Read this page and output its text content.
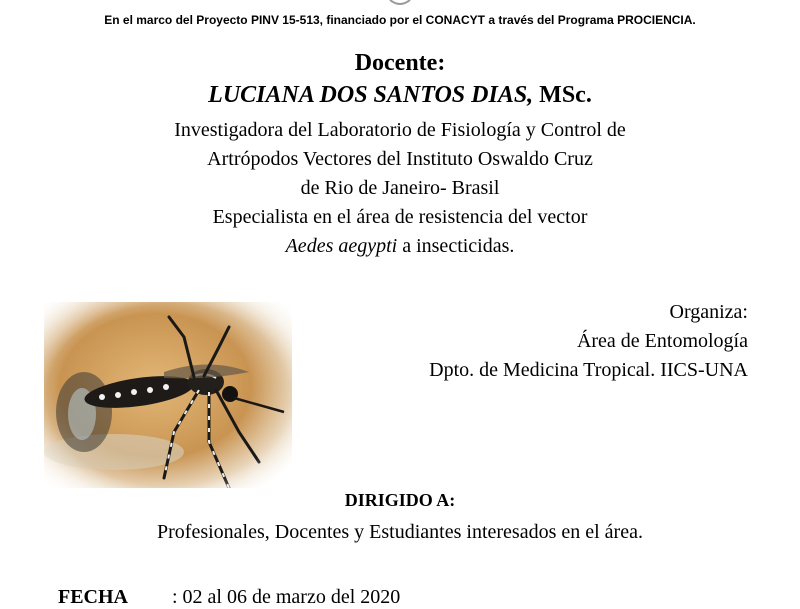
En el marco del Proyecto PINV 15-513, financiado por el CONACYT a través del Programa PROCIENCIA.
Docente:
LUCIANA DOS SANTOS DIAS, MSc.
Investigadora del Laboratorio de Fisiología y Control de
Artrópodos Vectores del Instituto Oswaldo Cruz
de Rio de Janeiro- Brasil
Especialista en el área de resistencia del vector
Aedes aegypti a insecticidas.
Organiza:
Área de Entomología
Dpto. de Medicina Tropical. IICS-UNA
DIRIGIDO A:
Profesionales, Docentes y Estudiantes interesados en el área.
FECHA : 02 al 06 de marzo del 2020
